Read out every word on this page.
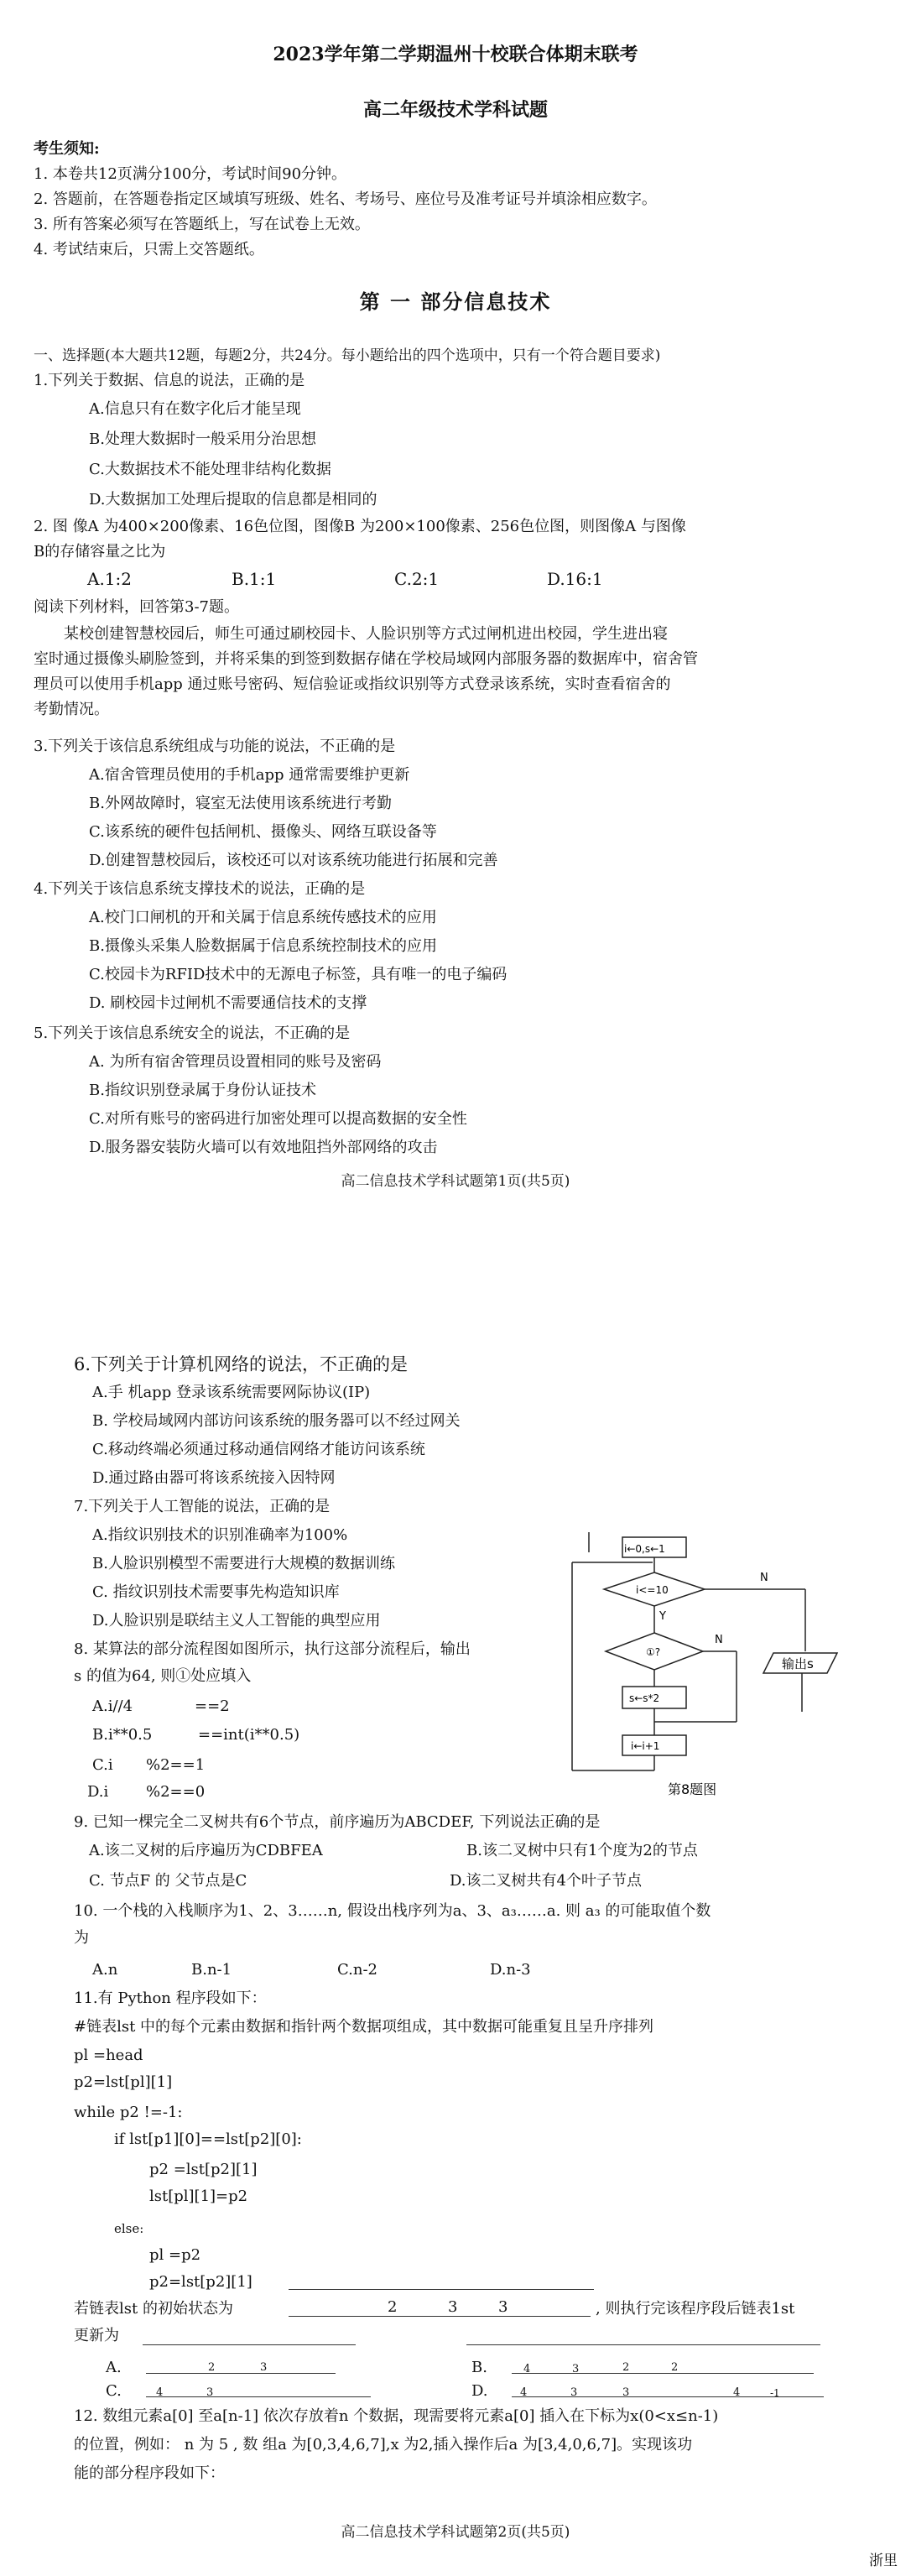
2023学年第二学期温州十校联合体期末联考
高二年级技术学科试题
考生须知:
1. 本卷共12页满分100分，考试时间90分钟。
2. 答题前，在答题卷指定区域填写班级、姓名、考场号、座位号及准考证号并填涂相应数字。
3. 所有答案必须写在答题纸上，写在试卷上无效。
4. 考试结束后，只需上交答题纸。
第 一 部分信息技术
一、选择题(本大题共12题，每题2分，共24分。每小题给出的四个选项中，只有一个符合题目要求)
1.下列关于数据、信息的说法，正确的是
A.信息只有在数字化后才能呈现
B.处理大数据时一般采用分治思想
C.大数据技术不能处理非结构化数据
D.大数据加工处理后提取的信息都是相同的
2. 图 像A 为400×200像素、16色位图，图像B 为200×100像素、256色位图，则图像A 与图像
B的存储容量之比为
A.1:2	B.1:1	C.2:1	D.16:1
阅读下列材料，回答第3-7题。
某校创建智慧校园后，师生可通过刷校园卡、人脸识别等方式过闸机进出校园，学生进出寝
室时通过摄像头刷脸签到，并将采集的到签到数据存储在学校局域网内部服务器的数据库中，宿舍管
理员可以使用手机app 通过账号密码、短信验证或指纹识别等方式登录该系统，实时查看宿舍的
考勤情况。
3.下列关于该信息系统组成与功能的说法，不正确的是
A.宿舍管理员使用的手机app 通常需要维护更新
B.外网故障时，寝室无法使用该系统进行考勤
C.该系统的硬件包括闸机、摄像头、网络互联设备等
D.创建智慧校园后，该校还可以对该系统功能进行拓展和完善
4.下列关于该信息系统支撑技术的说法，正确的是
A.校门口闸机的开和关属于信息系统传感技术的应用
B.摄像头采集人脸数据属于信息系统控制技术的应用
C.校园卡为RFID技术中的无源电子标签，具有唯一的电子编码
D. 刷校园卡过闸机不需要通信技术的支撑
5.下列关于该信息系统安全的说法，不正确的是
A. 为所有宿舍管理员设置相同的账号及密码
B.指纹识别登录属于身份认证技术
C.对所有账号的密码进行加密处理可以提高数据的安全性
D.服务器安装防火墙可以有效地阻挡外部网络的攻击
高二信息技术学科试题第1页(共5页)
6.下列关于计算机网络的说法，不正确的是
A.手 机app 登录该系统需要网际协议(IP)
B. 学校局域网内部访问该系统的服务器可以不经过网关
C.移动终端必须通过移动通信网络才能访问该系统
D.通过路由器可将该系统接入因特网
7.下列关于人工智能的说法，正确的是
A.指纹识别技术的识别准确率为100%
B.人脸识别模型不需要进行大规模的数据训练
C. 指纹识别技术需要事先构造知识库
D.人脸识别是联结主义人工智能的典型应用
8. 某算法的部分流程图如图所示，执行这部分流程后，输出
s 的值为64, 则①处应填入
A.i//4	==2
B.i**0.5	==int(i**0.5)
C.i %2==1
D.i %2==0
i←0,s←1
i<=10
①?
Y
N
N
s←s*2
i←i+1
输出s
第8题图
9. 已知一棵完全二叉树共有6个节点，前序遍历为ABCDEF, 下列说法正确的是
A.该二叉树的后序遍历为CDBFEA	B.该二叉树中只有1个度为2的节点
C. 节点F 的 父节点是C	D.该二叉树共有4个叶子节点
10. 一个栈的入栈顺序为1、2、3……n, 假设出栈序列为a、3、a₃……a. 则 a₃ 的可能取值个数
为
A.n	B.n-1	C.n-2	D.n-3
11.有 Python 程序段如下：
#链表lst 中的每个元素由数据和指针两个数据项组成，其中数据可能重复且呈升序排列
pl =head
p2=lst[pl][1]
while p2 !=-1:
if lst[p1][0]==lst[p2][0]:
p2 =lst[p2][1]
lst[pl][1]=p2
else:
pl =p2
p2=lst[p2][1]
若链表lst 的初始状态为	2	3	3	, 则执行完该程序段后链表1st
更新为
A.	2	3	B.	4	3	2	2
C.	4	3	D.	4	3	3	4	-1
12. 数组元素a[0] 至a[n-1] 依次存放着n 个数据，现需要将元素a[0] 插入在下标为x(0<x≤n-1)
的位置，例如： n 为 5 , 数 组a 为[0,3,4,6,7],x 为2,插入操作后a 为[3,4,0,6,7]。实现该功
能的部分程序段如下：
高二信息技术学科试题第2页(共5页)
浙里
